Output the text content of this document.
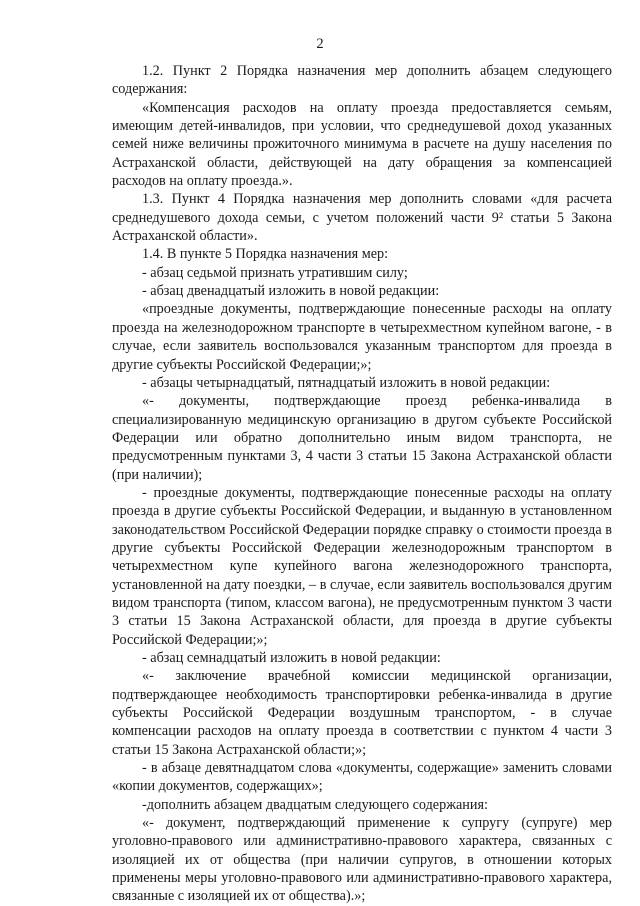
2

1.2. Пункт 2 Порядка назначения мер дополнить абзацем следующего содержания:

«Компенсация расходов на оплату проезда предоставляется семьям, имеющим детей-инвалидов, при условии, что среднедушевой доход указанных семей ниже величины прожиточного минимума в расчете на душу населения по Астраханской области, действующей на дату обращения за компенсацией расходов на оплату проезда.».

1.3. Пункт 4 Порядка назначения мер дополнить словами «для расчета среднедушевого дохода семьи, с учетом положений части 9² статьи 5 Закона Астраханской области».

1.4. В пункте 5 Порядка назначения мер:

- абзац седьмой признать утратившим силу;

- абзац двенадцатый изложить в новой редакции:

«проездные документы, подтверждающие понесенные расходы на оплату проезда на железнодорожном транспорте в четырехместном купейном вагоне, - в случае, если заявитель воспользовался указанным транспортом для проезда в другие субъекты Российской Федерации;»;

- абзацы четырнадцатый, пятнадцатый изложить в новой редакции:

«- документы, подтверждающие проезд ребенка-инвалида в специализированную медицинскую организацию в другом субъекте Российской Федерации или обратно дополнительно иным видом транспорта, не предусмотренным пунктами 3, 4 части 3 статьи 15 Закона Астраханской области (при наличии);

- проездные документы, подтверждающие понесенные расходы на оплату проезда в другие субъекты Российской Федерации, и выданную в установленном законодательством Российской Федерации порядке справку о стоимости проезда в другие субъекты Российской Федерации железнодорожным транспортом в четырехместном купе купейного вагона железнодорожного транспорта, установленной на дату поездки, – в случае, если заявитель воспользовался другим видом транспорта (типом, классом вагона), не предусмотренным пунктом 3 части 3 статьи 15 Закона Астраханской области, для проезда в другие субъекты Российской Федерации;»;

- абзац семнадцатый изложить в новой редакции:

«- заключение врачебной комиссии медицинской организации, подтверждающее необходимость транспортировки ребенка-инвалида в другие субъекты Российской Федерации воздушным транспортом, - в случае компенсации расходов на оплату проезда в соответствии с пунктом 4 части 3 статьи 15 Закона Астраханской области;»;

- в абзаце девятнадцатом слова «документы, содержащие» заменить словами «копии документов, содержащих»;

-дополнить абзацем двадцатым следующего содержания:

«- документ, подтверждающий применение к супругу (супруге) мер уголовно-правового или административно-правового характера, связанных с изоляцией их от общества (при наличии супругов, в отношении которых применены меры уголовно-правового или административно-правового характера, связанные с изоляцией их от общества).»;
